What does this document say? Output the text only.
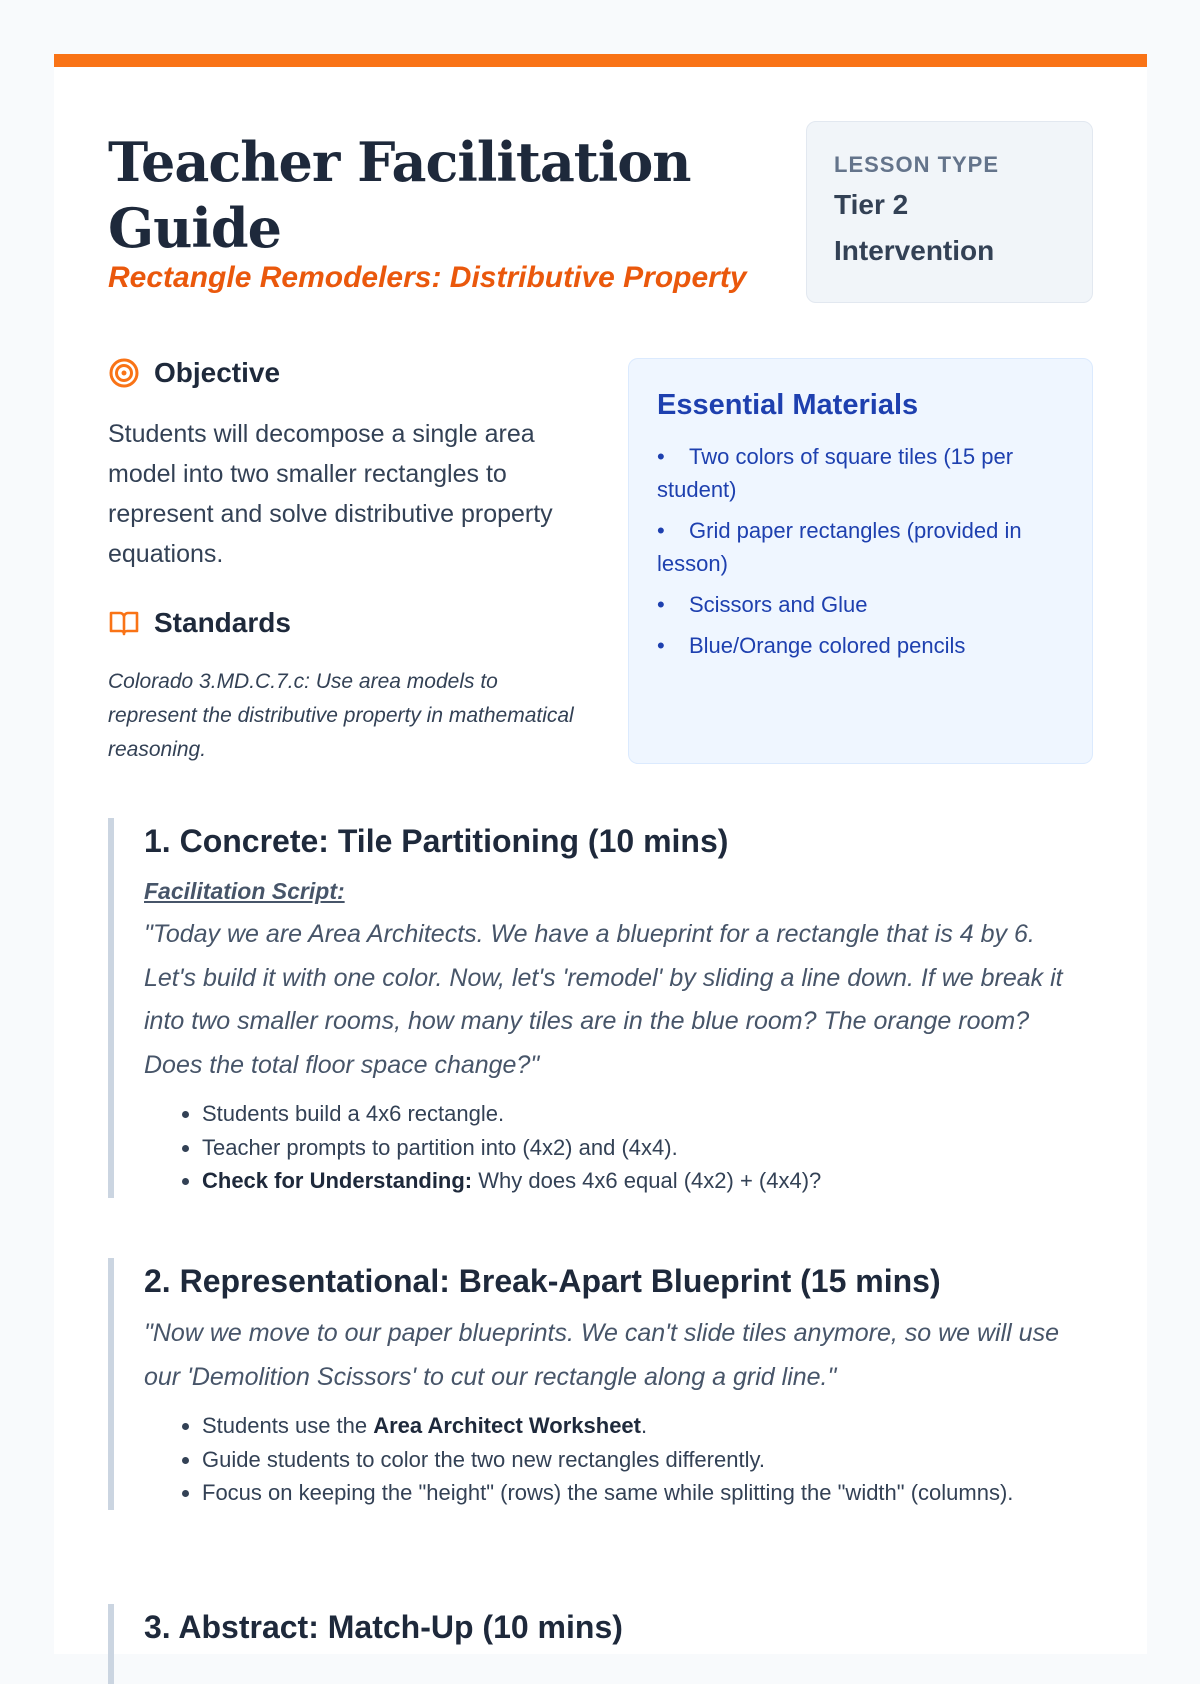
Teacher Facilitation Guide

Rectangle Remodelers: Distributive Property

LESSON TYPE
Tier 2 Intervention
Objective

Students will decompose a single area model into two smaller rectangles to represent and solve distributive property equations.

Standards

Colorado 3.MD.C.7.c: Use area models to represent the distributive property in mathematical reasoning.

Essential Materials
• Two colors of square tiles (15 per student)
• Grid paper rectangles (provided in lesson)
• Scissors and Glue
• Blue/Orange colored pencils
1. Concrete: Tile Partitioning (10 mins)
Facilitation Script:

"Today we are Area Architects. We have a blueprint for a rectangle that is 4 by 6. Let's build it with one color. Now, let's 'remodel' by sliding a line down. If we break it into two smaller rooms, how many tiles are in the blue room? The orange room? Does the total floor space change?"

• Students build a 4x6 rectangle.
• Teacher prompts to partition into (4x2) and (4x4).
• Check for Understanding: Why does 4x6 equal (4x2) + (4x4)?
2. Representational: Break-Apart Blueprint (15 mins)

"Now we move to our paper blueprints. We can't slide tiles anymore, so we will use our 'Demolition Scissors' to cut our rectangle along a grid line."

• Students use the Area Architect Worksheet.
• Guide students to color the two new rectangles differently.
• Focus on keeping the "height" (rows) the same while splitting the "width" (columns).
3. Abstract: Match-Up (10 mins)
